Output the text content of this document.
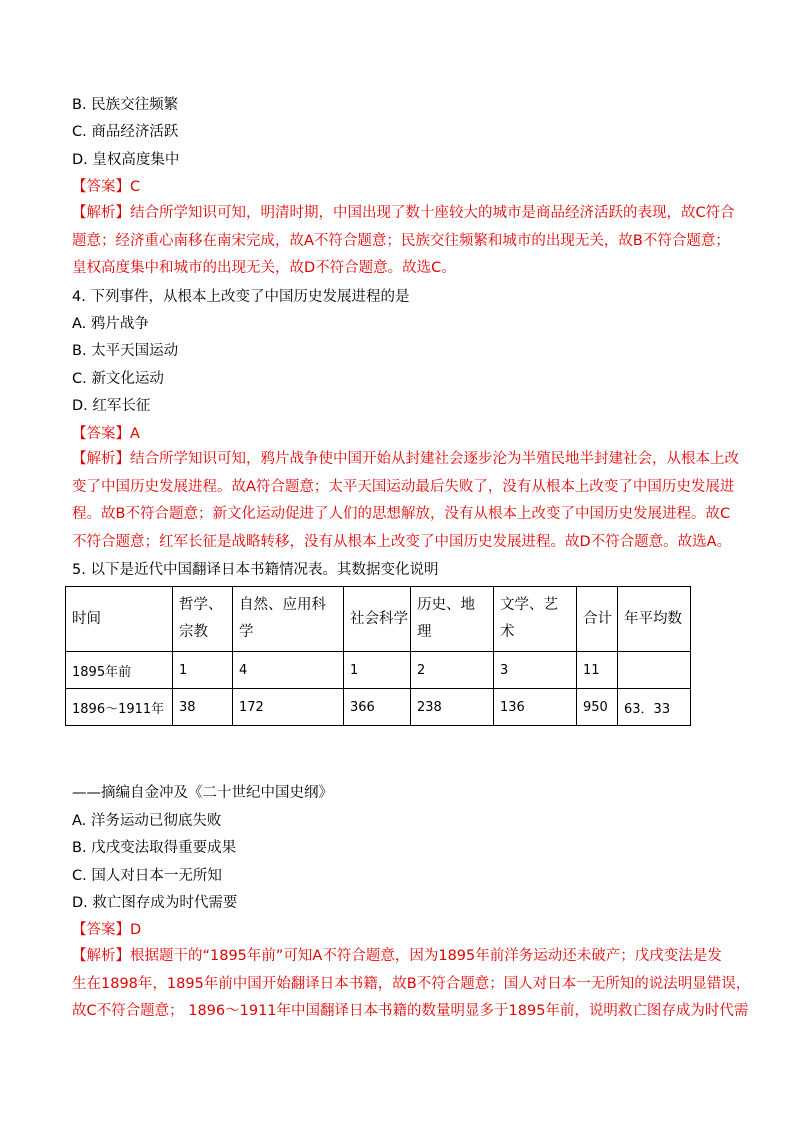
B. 民族交往频繁
C. 商品经济活跃
D. 皇权高度集中
【答案】C
【解析】结合所学知识可知，明清时期，中国出现了数十座较大的城市是商品经济活跃的表现，故C符合
题意；经济重心南移在南宋完成，故A不符合题意；民族交往频繁和城市的出现无关，故B不符合题意；
皇权高度集中和城市的出现无关，故D不符合题意。故选C。
4. 下列事件，从根本上改变了中国历史发展进程的是
A. 鸦片战争
B. 太平天国运动
C. 新文化运动
D. 红军长征
【答案】A
【解析】结合所学知识可知，鸦片战争使中国开始从封建社会逐步沦为半殖民地半封建社会，从根本上改
变了中国历史发展进程。故A符合题意；太平天国运动最后失败了，没有从根本上改变了中国历史发展进
程。故B不符合题意；新文化运动促进了人们的思想解放，没有从根本上改变了中国历史发展进程。故C
不符合题意；红军长征是战略转移，没有从根本上改变了中国历史发展进程。故D不符合题意。故选A。
5. 以下是近代中国翻译日本书籍情况表。其数据变化说明
时间	哲学、宗教	自然、应用科学	社会科学	历史、地理	文学、艺术	合计	年平均数
1895年前	1	4	1	2	3	11	
1896～1911年	38	172	366	238	136	950	63．33
——摘编自金冲及《二十世纪中国史纲》
A. 洋务运动已彻底失败
B. 戊戌变法取得重要成果
C. 国人对日本一无所知
D. 救亡图存成为时代需要
【答案】D
【解析】根据题干的“1895年前”可知A不符合题意，因为1895年前洋务运动还未破产；戊戌变法是发
生在1898年，1895年前中国开始翻译日本书籍，故B不符合题意；国人对日本一无所知的说法明显错误，
故C不符合题意； 1896～1911年中国翻译日本书籍的数量明显多于1895年前，说明救亡图存成为时代需
